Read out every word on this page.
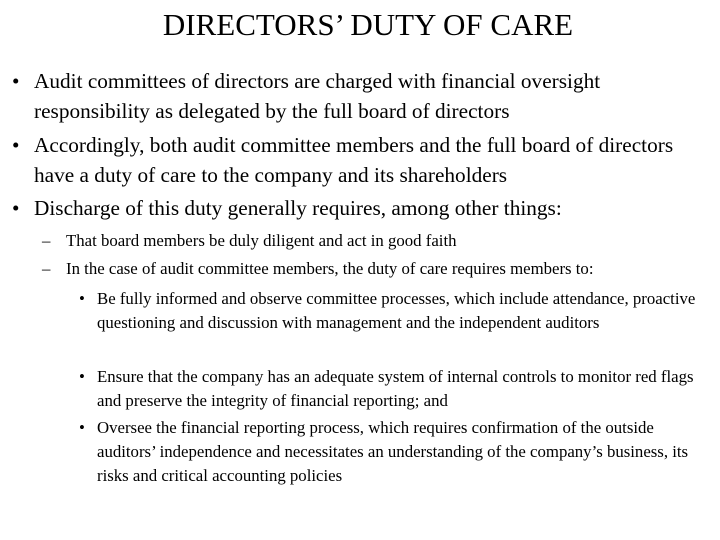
DIRECTORS’ DUTY OF CARE
• Audit committees of directors are charged with financial oversight responsibility as delegated by the full board of directors
• Accordingly, both audit committee members and the full board of directors have a duty of care to the company and its shareholders
• Discharge of this duty generally requires, among other things:
– That board members be duly diligent and act in good faith
– In the case of audit committee members, the duty of care requires members to:
• Be fully informed and observe committee processes, which include attendance, proactive questioning and discussion with management and the independent auditors
• Ensure that the company has an adequate system of internal controls to monitor red flags and preserve the integrity of financial reporting; and
• Oversee the financial reporting process, which requires confirmation of the outside auditors’ independence and necessitates an understanding of the company’s business, its risks and critical accounting policies
